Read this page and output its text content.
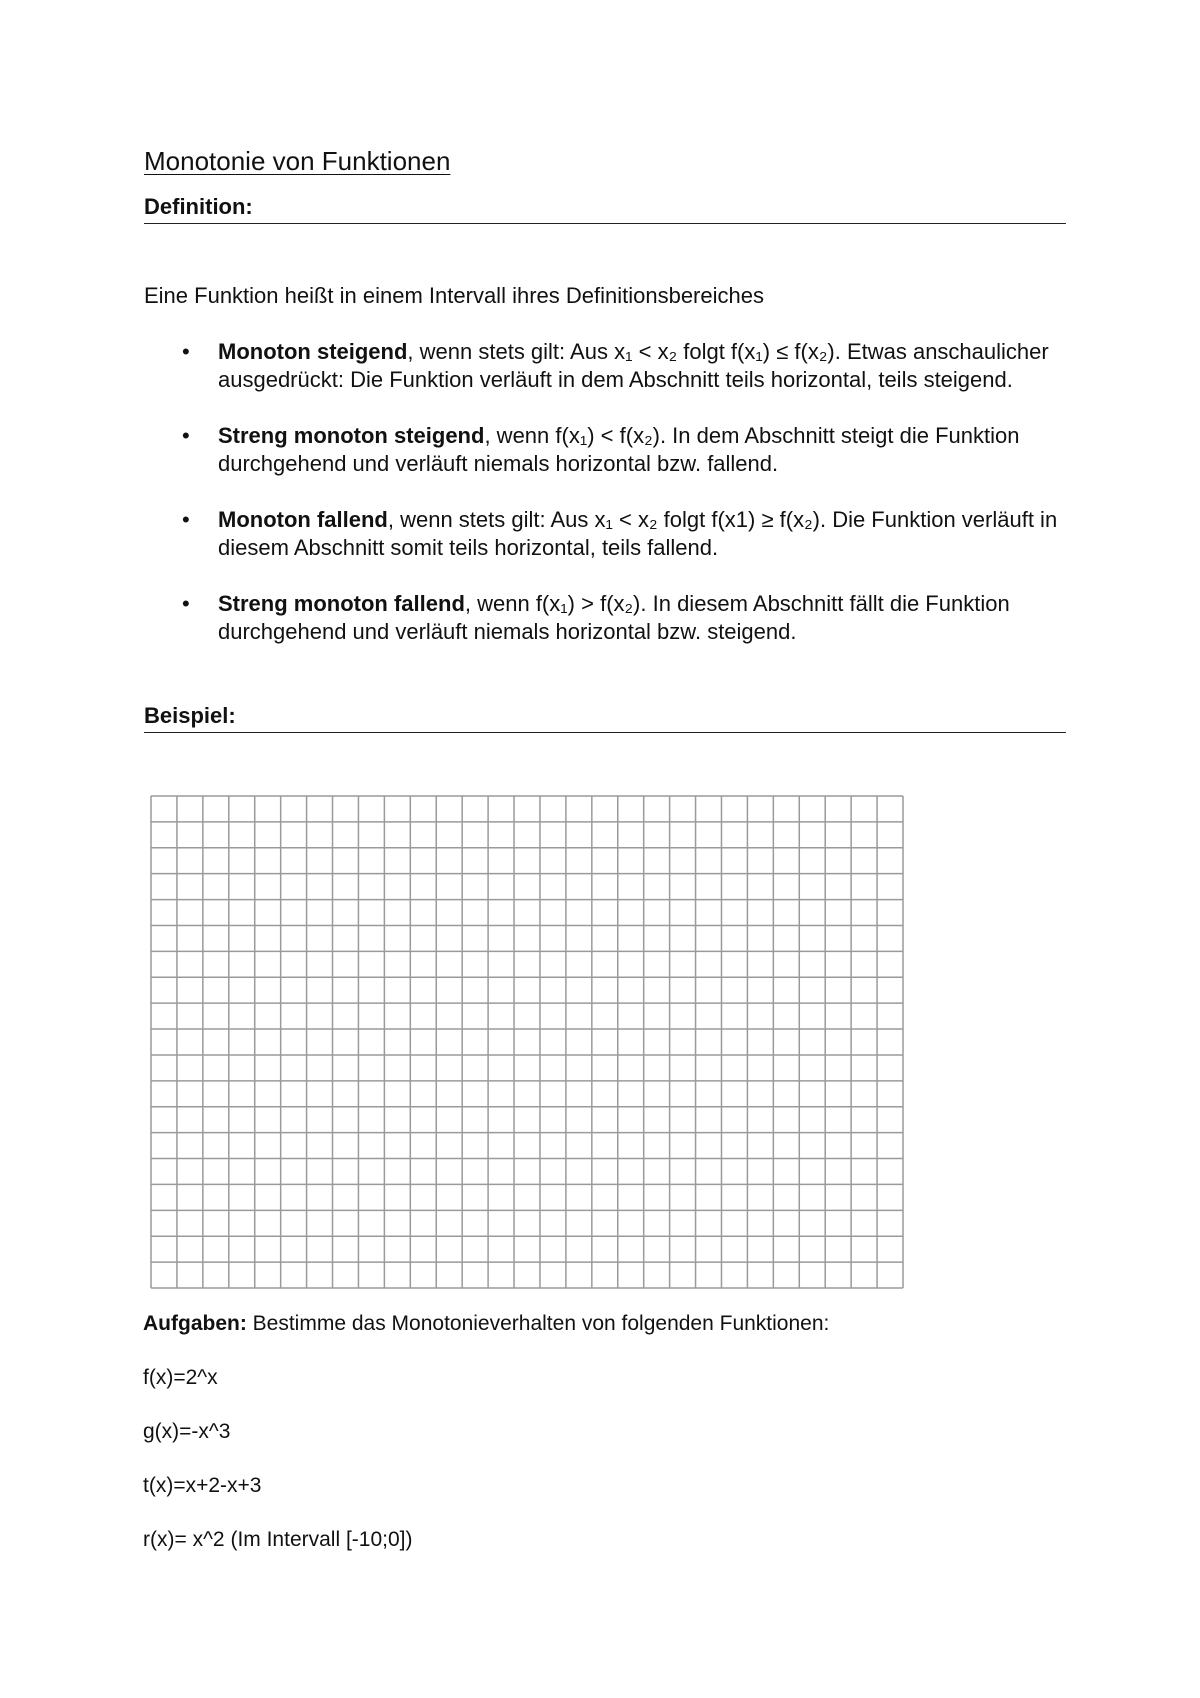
Monotonie von Funktionen
Definition:
Eine Funktion heißt in einem Intervall ihres Definitionsbereiches
• Monoton steigend, wenn stets gilt: Aus x₁ < x₂ folgt f(x₁) ≤ f(x₂). Etwas anschaulicher ausgedrückt: Die Funktion verläuft in dem Abschnitt teils horizontal, teils steigend.
• Streng monoton steigend, wenn f(x₁) < f(x₂). In dem Abschnitt steigt die Funktion durchgehend und verläuft niemals horizontal bzw. fallend.
• Monoton fallend, wenn stets gilt: Aus x₁ < x₂ folgt f(x1) ≥ f(x₂). Die Funktion verläuft in diesem Abschnitt somit teils horizontal, teils fallend.
• Streng monoton fallend, wenn f(x₁) > f(x₂). In diesem Abschnitt fällt die Funktion durchgehend und verläuft niemals horizontal bzw. steigend.
Beispiel:
Aufgaben: Bestimme das Monotonieverhalten von folgenden Funktionen:
f(x)=2^x
g(x)=-x^3
t(x)=x+2-x+3
r(x)= x^2 (Im Intervall [-10;0])
